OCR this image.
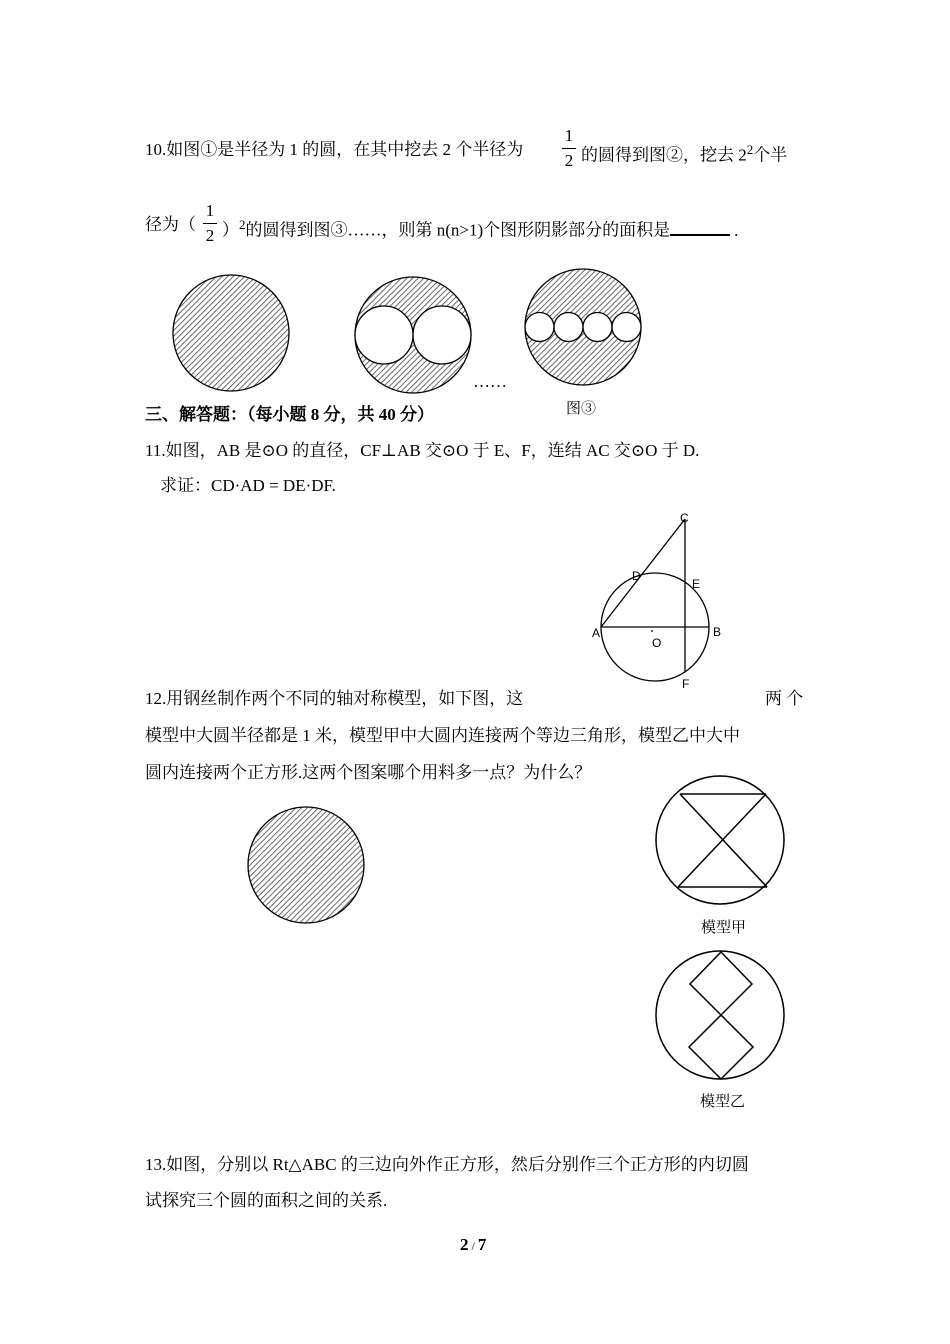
10.如图①是半径为 1 的圆，在其中挖去 2 个半径为
1
2 的圆得到图②，挖去 $2^2$个半
径为（
1
2 ）$^2$的圆得到图③……，则第 n(n>1)个图形阴影部分的面积是	.
……
图③
三、解答题：（每小题 8 分，共 40 分）
11.如图，AB 是⊙O 的直径，CF⊥AB 交⊙O 于 E、F，连结 AC 交⊙O 于 D.
求证：CD·AD = DE·DF.
C
D
E
A	B
O
F
12.用钢丝制作两个不同的轴对称模型，如下图，这	两 个
模型中大圆半径都是 1 米，模型甲中大圆内连接两个等边三角形，模型乙中大中
圆内连接两个正方形.这两个图案哪个用料多一点？为什么？
模型甲
模型乙
13.如图，分别以 Rt△ABC 的三边向外作正方形，然后分别作三个正方形的内切圆
试探究三个圆的面积之间的关系.
2 / 7
